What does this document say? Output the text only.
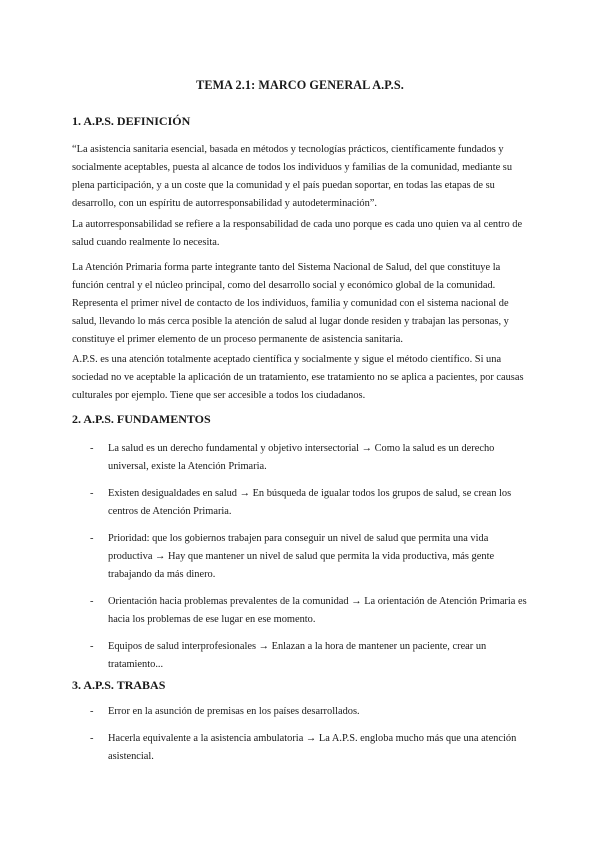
TEMA 2.1: MARCO GENERAL A.P.S.
1. A.P.S. DEFINICIÓN

“La asistencia sanitaria esencial, basada en métodos y tecnologías prácticos, científicamente fundados y socialmente aceptables, puesta al alcance de todos los individuos y familias de la comunidad, mediante su plena participación, y a un coste que la comunidad y el país puedan soportar, en todas las etapas de su desarrollo, con un espíritu de autorresponsabilidad y autodeterminación”.

La autorresponsabilidad se refiere a la responsabilidad de cada uno porque es cada uno quien va al centro de salud cuando realmente lo necesita.

La Atención Primaria forma parte integrante tanto del Sistema Nacional de Salud, del que constituye la función central y el núcleo principal, como del desarrollo social y económico global de la comunidad. Representa el primer nivel de contacto de los individuos, familia y comunidad con el sistema nacional de salud, llevando lo más cerca posible la atención de salud al lugar donde residen y trabajan las personas, y constituye el primer elemento de un proceso permanente de asistencia sanitaria.

A.P.S. es una atención totalmente aceptado científica y socialmente y sigue el método científico. Si una sociedad no ve aceptable la aplicación de un tratamiento, ese tratamiento no se aplica a pacientes, por causas culturales por ejemplo. Tiene que ser accesible a todos los ciudadanos.

2. A.P.S. FUNDAMENTOS
- La salud es un derecho fundamental y objetivo intersectorial → Como la salud es un derecho universal, existe la Atención Primaria.
- Existen desigualdades en salud → En búsqueda de igualar todos los grupos de salud, se crean los centros de Atención Primaria.
- Prioridad: que los gobiernos trabajen para conseguir un nivel de salud que permita una vida productiva → Hay que mantener un nivel de salud que permita la vida productiva, más gente trabajando da más dinero.
- Orientación hacia problemas prevalentes de la comunidad → La orientación de Atención Primaria es hacia los problemas de ese lugar en ese momento.
- Equipos de salud interprofesionales → Enlazan a la hora de mantener un paciente, crear un tratamiento...
3. A.P.S. TRABAS
- Error en la asunción de premisas en los países desarrollados.
- Hacerla equivalente a la asistencia ambulatoria → La A.P.S. engloba mucho más que una atención asistencial.
